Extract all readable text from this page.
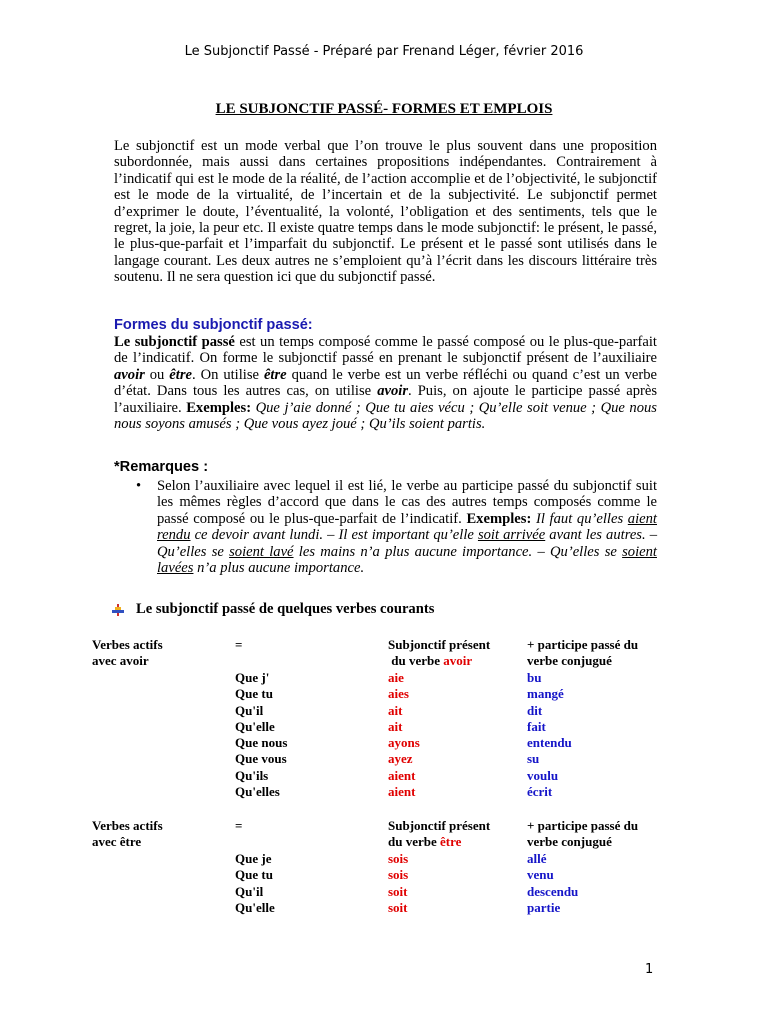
Le Subjonctif Passé - Préparé par Frenand Léger, février 2016
LE SUBJONCTIF PASSÉ- FORMES ET EMPLOIS
Le subjonctif est un mode verbal que l’on trouve le plus souvent dans une proposition subordonnée, mais aussi dans certaines propositions indépendantes. Contrairement à l’indicatif qui est le mode de la réalité, de l’action accomplie et de l’objectivité, le subjonctif est le mode de la virtualité, de l’incertain et de la subjectivité. Le subjonctif permet d’exprimer le doute, l’éventualité, la volonté, l’obligation et des sentiments, tels que le regret, la joie, la peur etc. Il existe quatre temps dans le mode subjonctif: le présent, le passé, le plus-que-parfait et l’imparfait du subjonctif. Le présent et le passé sont utilisés dans le langage courant. Les deux autres ne s’emploient qu’à l’écrit dans les discours littéraire très soutenu. Il ne sera question ici que du subjonctif passé.
Formes du subjonctif passé:
Le subjonctif passé est un temps composé comme le passé composé ou le plus-que-parfait de l’indicatif. On forme le subjonctif passé en prenant le subjonctif présent de l’auxiliaire avoir ou être. On utilise être quand le verbe est un verbe réfléchi ou quand c’est un verbe d’état. Dans tous les autres cas, on utilise avoir. Puis, on ajoute le participe passé après l’auxiliaire. Exemples: Que j’aie donné ; Que tu aies vécu ; Qu’elle soit venue ; Que nous nous soyons amusés ; Que vous ayez joué ; Qu’ils soient partis.
*Remarques :
• Selon l’auxiliaire avec lequel il est lié, le verbe au participe passé du subjonctif suit les mêmes règles d’accord que dans le cas des autres temps composés comme le passé composé ou le plus-que-parfait de l’indicatif. Exemples: Il faut qu’elles aient rendu ce devoir avant lundi. – Il est important qu’elle soit arrivée avant les autres. – Qu’elles se soient lavé les mains n’a plus aucune importance. – Qu’elles se soient lavées n’a plus aucune importance.
Le subjonctif passé de quelques verbes courants
Verbes actifs
avec avoir
=	Subjonctif présent
du verbe avoir
+ participe passé du
verbe conjugué
Que j'
Que tu
Qu'il
Qu'elle
Que nous
Que vous
Qu'ils
Qu'elles
aie
aies
ait
ait
ayons
ayez
aient
aient
bu
mangé
dit
fait
entendu
su
voulu
écrit
Verbes actifs
avec être
=	Subjonctif présent
du verbe être
+ participe passé du
verbe conjugué
Que je
Que tu
Qu'il
Qu'elle
sois
sois
soit
soit
allé
venu
descendu
partie
1
